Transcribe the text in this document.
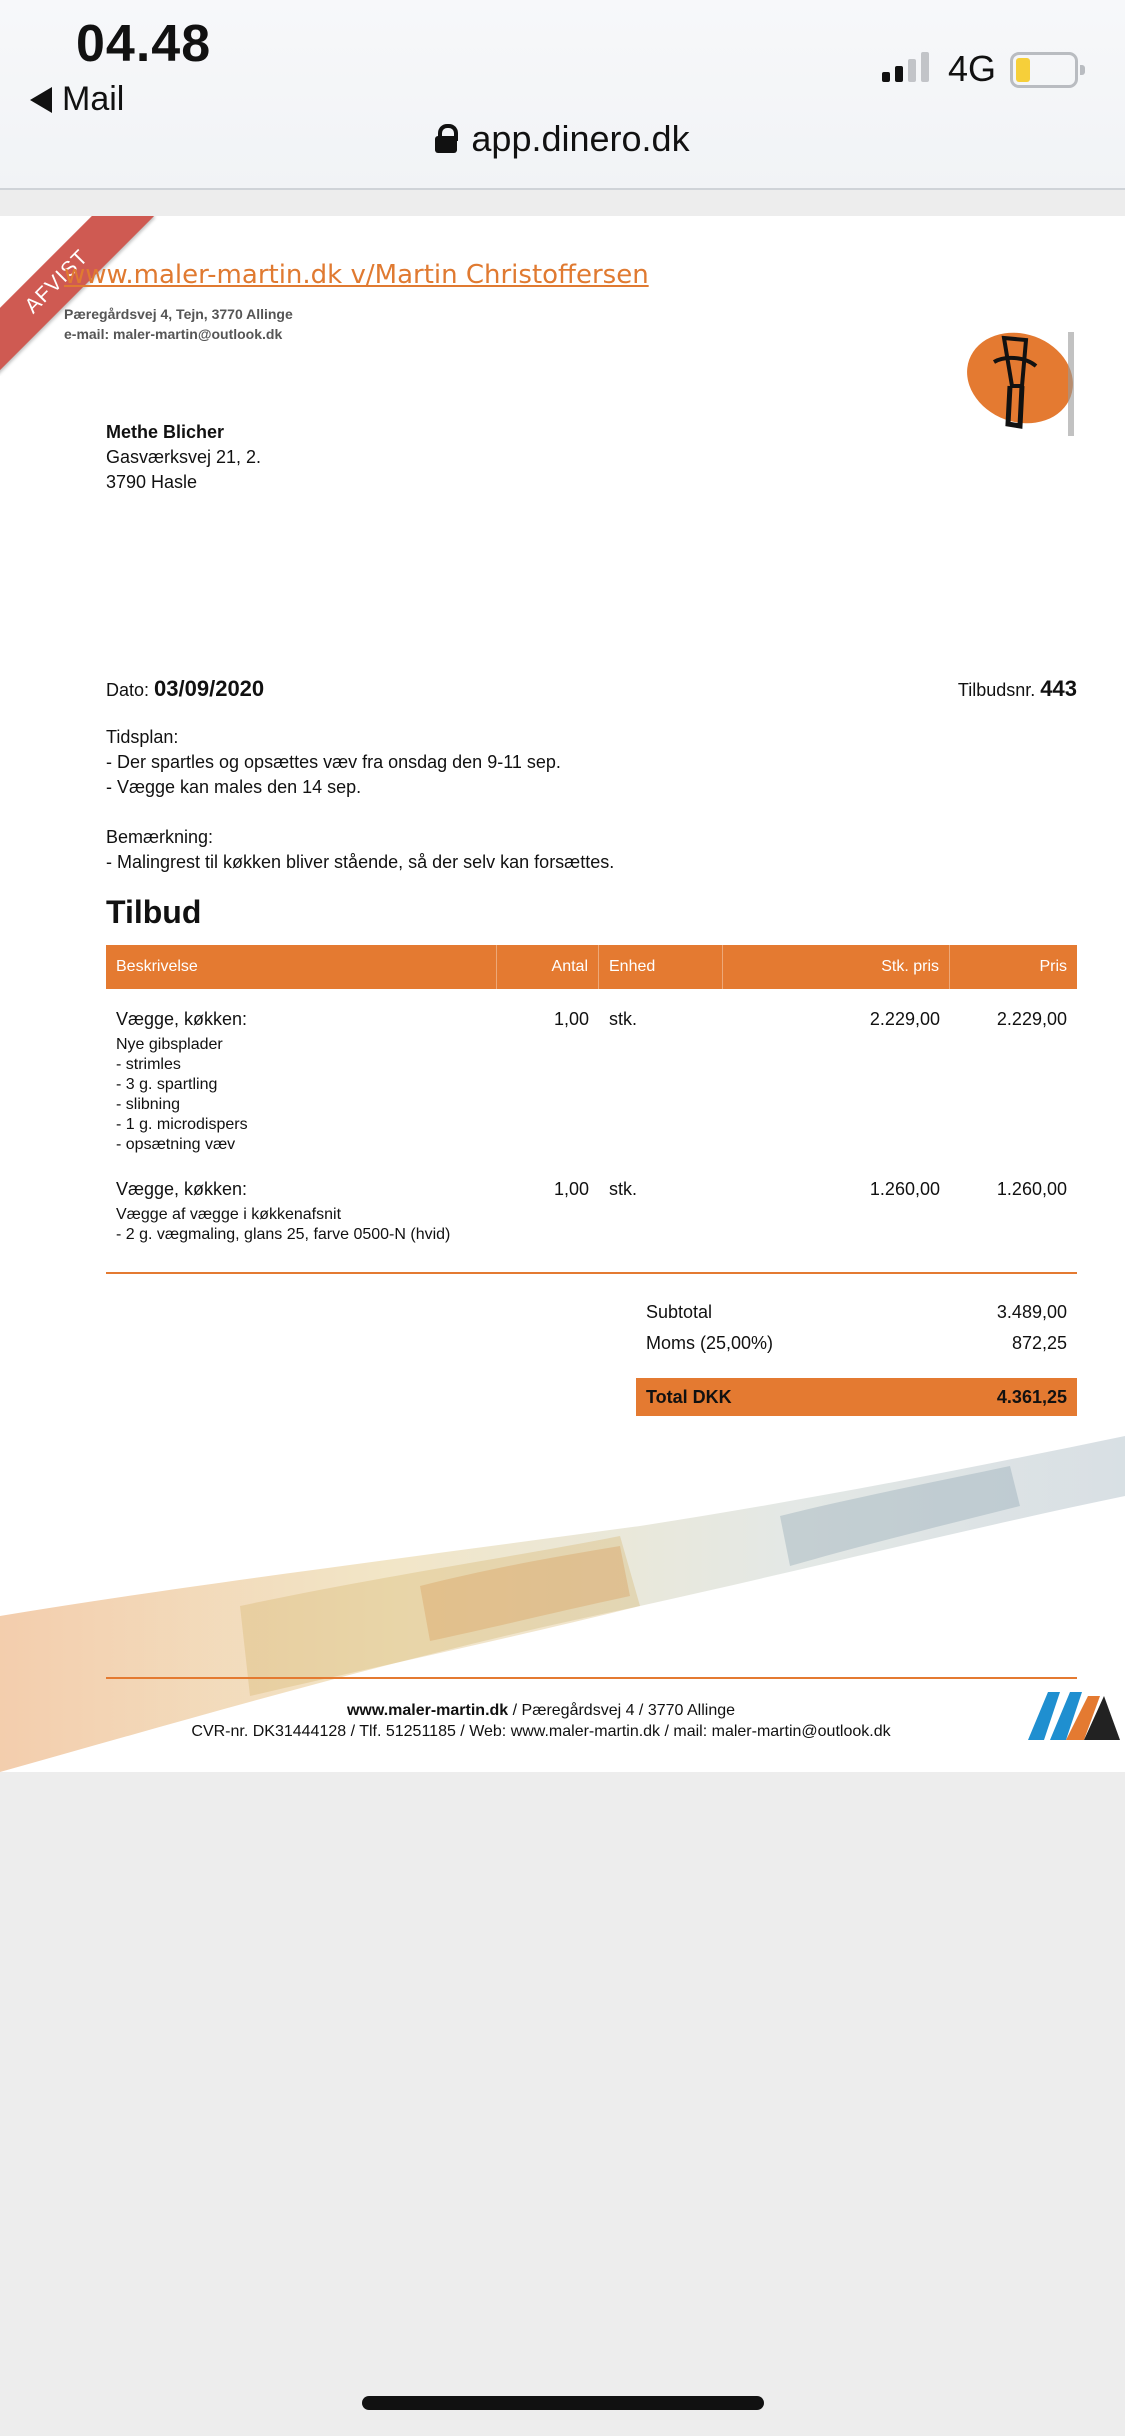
04.48
Mail
4G
app.dinero.dk
AFVIST
www.maler-martin.dk v/Martin Christoffersen
Pæregårdsvej 4, Tejn, 3770 Allinge
e-mail: maler-martin@outlook.dk
Methe Blicher
Gasværksvej 21, 2.
3790 Hasle
Dato: 03/09/2020	Tilbudsnr. 443

Tidsplan:

- Der spartles og opsættes væv fra onsdag den 9-11 sep.

- Vægge kan males den 14 sep.

Bemærkning:

- Malingrest til køkken bliver stående, så der selv kan forsættes.

Tilbud
Beskrivelse	Antal	Enhed	Stk. pris	Pris
Vægge, køkken:
Nye gibsplader
- strimles
- 3 g. spartling
- slibning
- 1 g. microdispers
- opsætning væv
1,00	stk.	2.229,00	2.229,00
Vægge, køkken:
Vægge af vægge i køkkenafsnit
- 2 g. vægmaling, glans 25, farve 0500-N (hvid)
1,00	stk.	1.260,00	1.260,00
Subtotal	3.489,00
Moms (25,00%)	872,25
Total DKK	4.361,25
www.maler-martin.dk / Pæregårdsvej 4 / 3770 Allinge
CVR-nr. DK31444128 / Tlf. 51251185 / Web: www.maler-martin.dk / mail: maler-martin@outlook.dk
